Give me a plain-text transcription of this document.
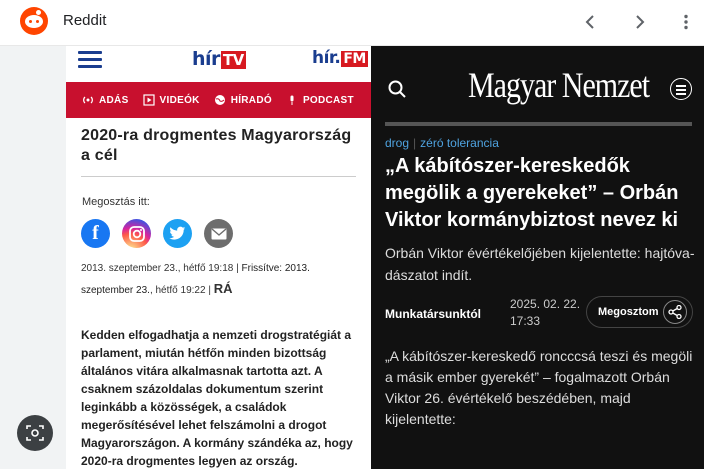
Reddit
hír TV	hír. FM
ADÁS	VIDEÓK	HÍRADÓ	PODCAST
2020-ra drogmentes Magyarország a cél
Megosztás itt:
f
2013. szeptember 23., hétfő 19:18 | Frissítve: 2013. szeptember 23., hétfő 19:22 | RÁ
Kedden elfogadhatja a nemzeti drogstratégiát a parlament, miután hétfőn minden bizottság általános vitára alkalmasnak tartotta azt. A csaknem százoldalas dokumentum szerint leginkább a közösségek, a családok megerősítésével lehet felszámolni a drogot Magyarországon. A kormány szándéka az, hogy 2020-ra drogmentes legyen az ország.
Magyar Nemzet
drog | zéró tolerancia
„A kábítószer-kereskedők
megölik a gyerekeket” – Orbán
Viktor kormánybiztost nevez ki
Orbán Viktor évértékelőjében kijelentette: hajtóva-dászatot indít.
Munkatársunktól
2025. 02. 22.
17:33
Megosztom
„A kábítószer-kereskedő roncccsá teszi és megöli a másik ember gyerekét” – fogalmazott Orbán Viktor 26. évértékelő beszédében, majd kijelentette:
